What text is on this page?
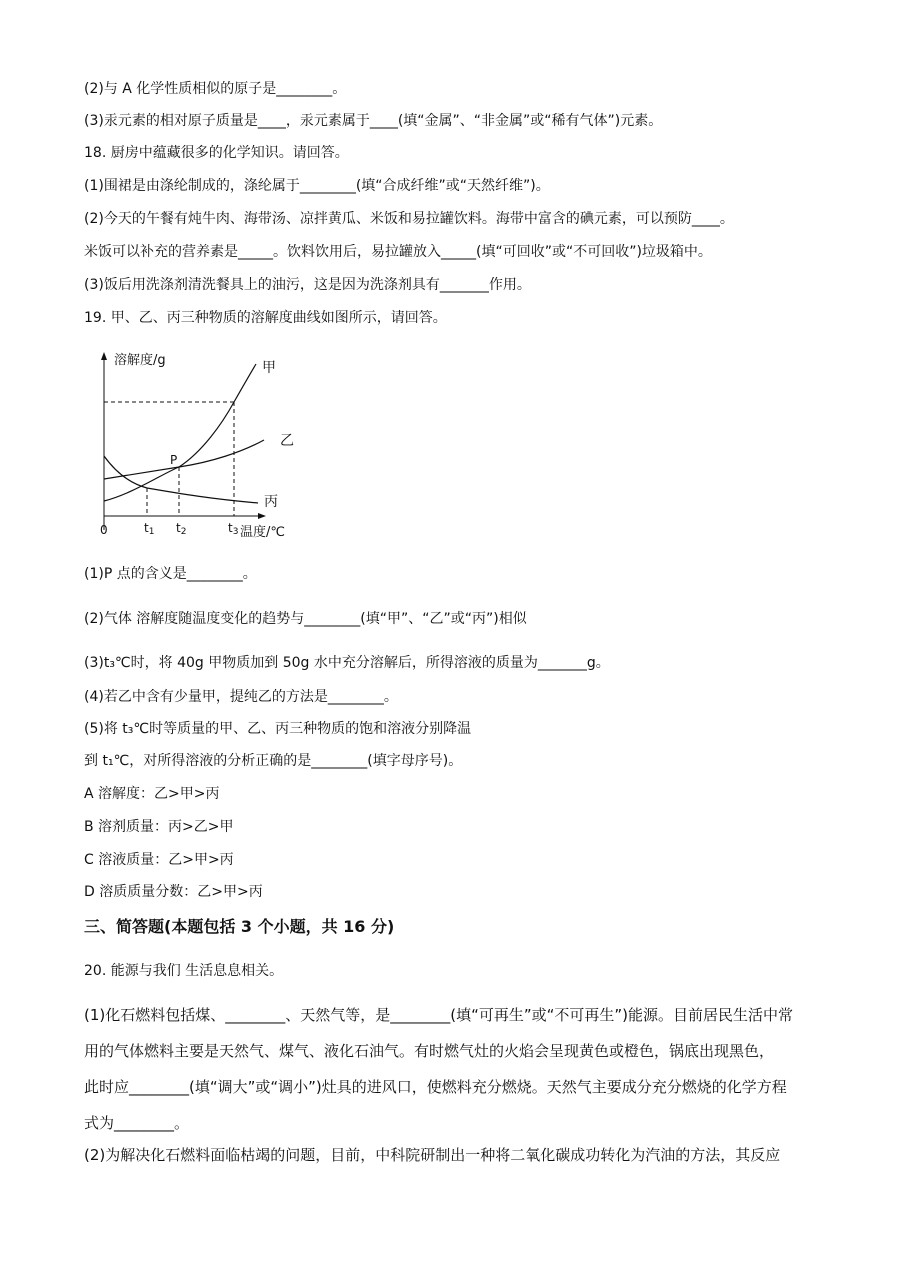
(2)与 A 化学性质相似的原子是________。
(3)汞元素的相对原子质量是____，汞元素属于____(填“金属”、“非金属”或“稀有气体”)元素。
18. 厨房中蕴藏很多的化学知识。请回答。
(1)围裙是由涤纶制成的，涤纶属于________(填“合成纤维”或“天然纤维”)。
(2)今天的午餐有炖牛肉、海带汤、凉拌黄瓜、米饭和易拉罐饮料。海带中富含的碘元素，可以预防____。
米饭可以补充的营养素是_____。饮料饮用后，易拉罐放入_____(填“可回收”或“不可回收”)垃圾箱中。
(3)饭后用洗涤剂清洗餐具上的油污，这是因为洗涤剂具有_______作用。
19. 甲、乙、丙三种物质的溶解度曲线如图所示，请回答。
(1)P 点的含义是________。
(2)气体 溶解度随温度变化的趋势与________(填“甲”、“乙”或“丙”)相似
(3)t₃℃时，将 40g 甲物质加到 50g 水中充分溶解后，所得溶液的质量为_______g。
(4)若乙中含有少量甲，提纯乙的方法是________。
(5)将 t₃℃时等质量的甲、乙、丙三种物质的饱和溶液分别降温
到 t₁℃，对所得溶液的分析正确的是________(填字母序号)。
A 溶解度：乙>甲>丙
B 溶剂质量：丙>乙>甲
C 溶液质量：乙>甲>丙
D 溶质质量分数：乙>甲>丙
20. 能源与我们 生活息息相关。
(1)化石燃料包括煤、________、天然气等，是________(填“可再生”或“不可再生”)能源。目前居民生活中常
用的气体燃料主要是天然气、煤气、液化石油气。有时燃气灶的火焰会呈现黄色或橙色，锅底出现黑色，
此时应________(填“调大”或“调小”)灶具的进风口，使燃料充分燃烧。天然气主要成分充分燃烧的化学方程
式为________。
(2)为解决化石燃料面临枯竭的问题，目前，中科院研制出一种将二氧化碳成功转化为汽油的方法，其反应
三、简答题(本题包括 3 个小题，共 16 分)
溶解度/g
温度/℃
0
甲
乙
丙
P
t1 t2	t3
